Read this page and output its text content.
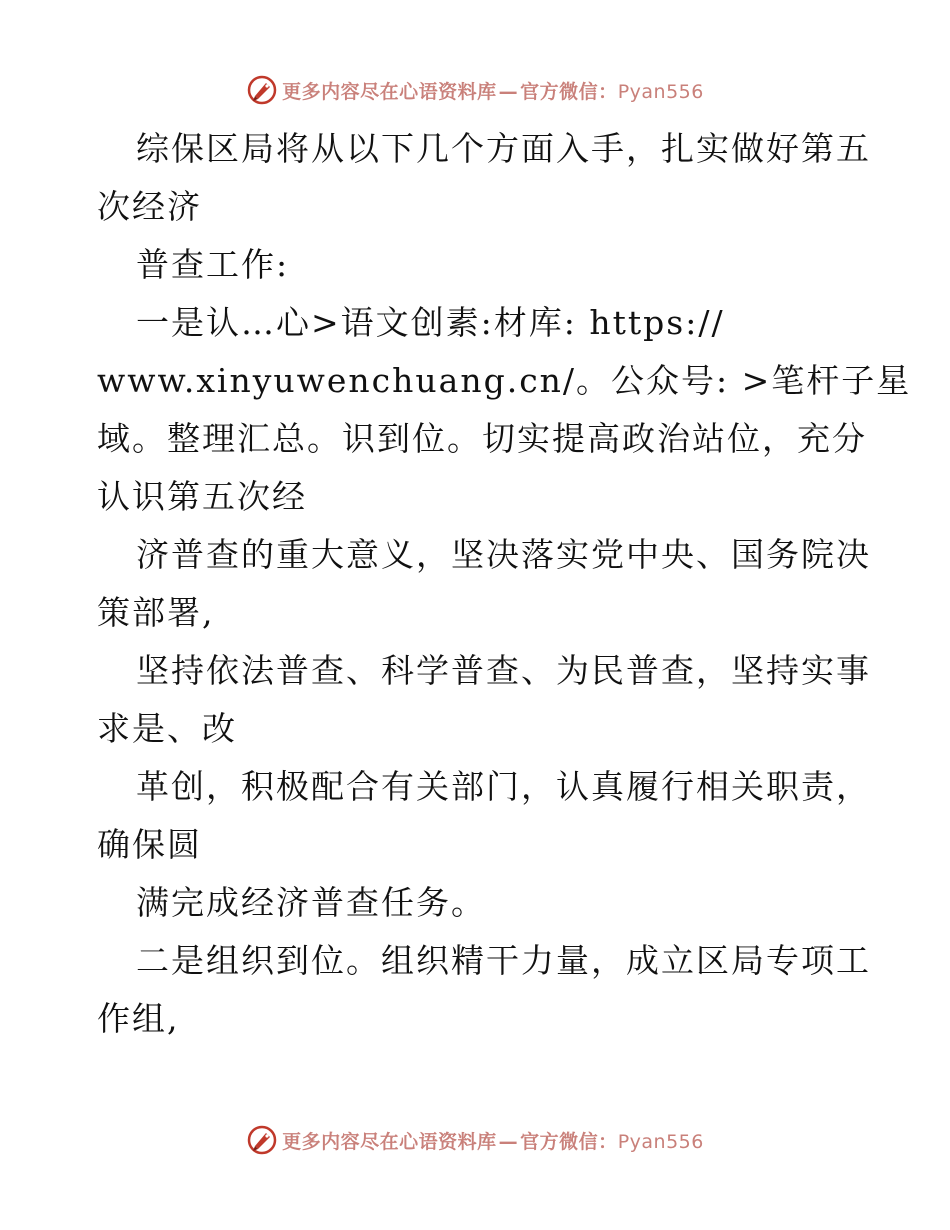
更多内容尽在心语资料库 — 官方微信：Pyan556
综保区局将从以下几个方面入手，扎实做好第五
次经济
普查工作:
一是认…心>语文创素:材库: https://
www.xinyuwenchuang.cn/。公众号: >笔杆子星
域。整理汇总。识到位。切实提高政治站位，充分
认识第五次经
济普查的重大意义，坚决落实党中央、国务院决
策部署,
坚持依法普查、科学普查、为民普查，坚持实事
求是、改
革创，积极配合有关部门，认真履行相关职责，
确保圆
满完成经济普查任务。
二是组织到位。组织精干力量，成立区局专项工
作组,
更多内容尽在心语资料库 — 官方微信：Pyan556
